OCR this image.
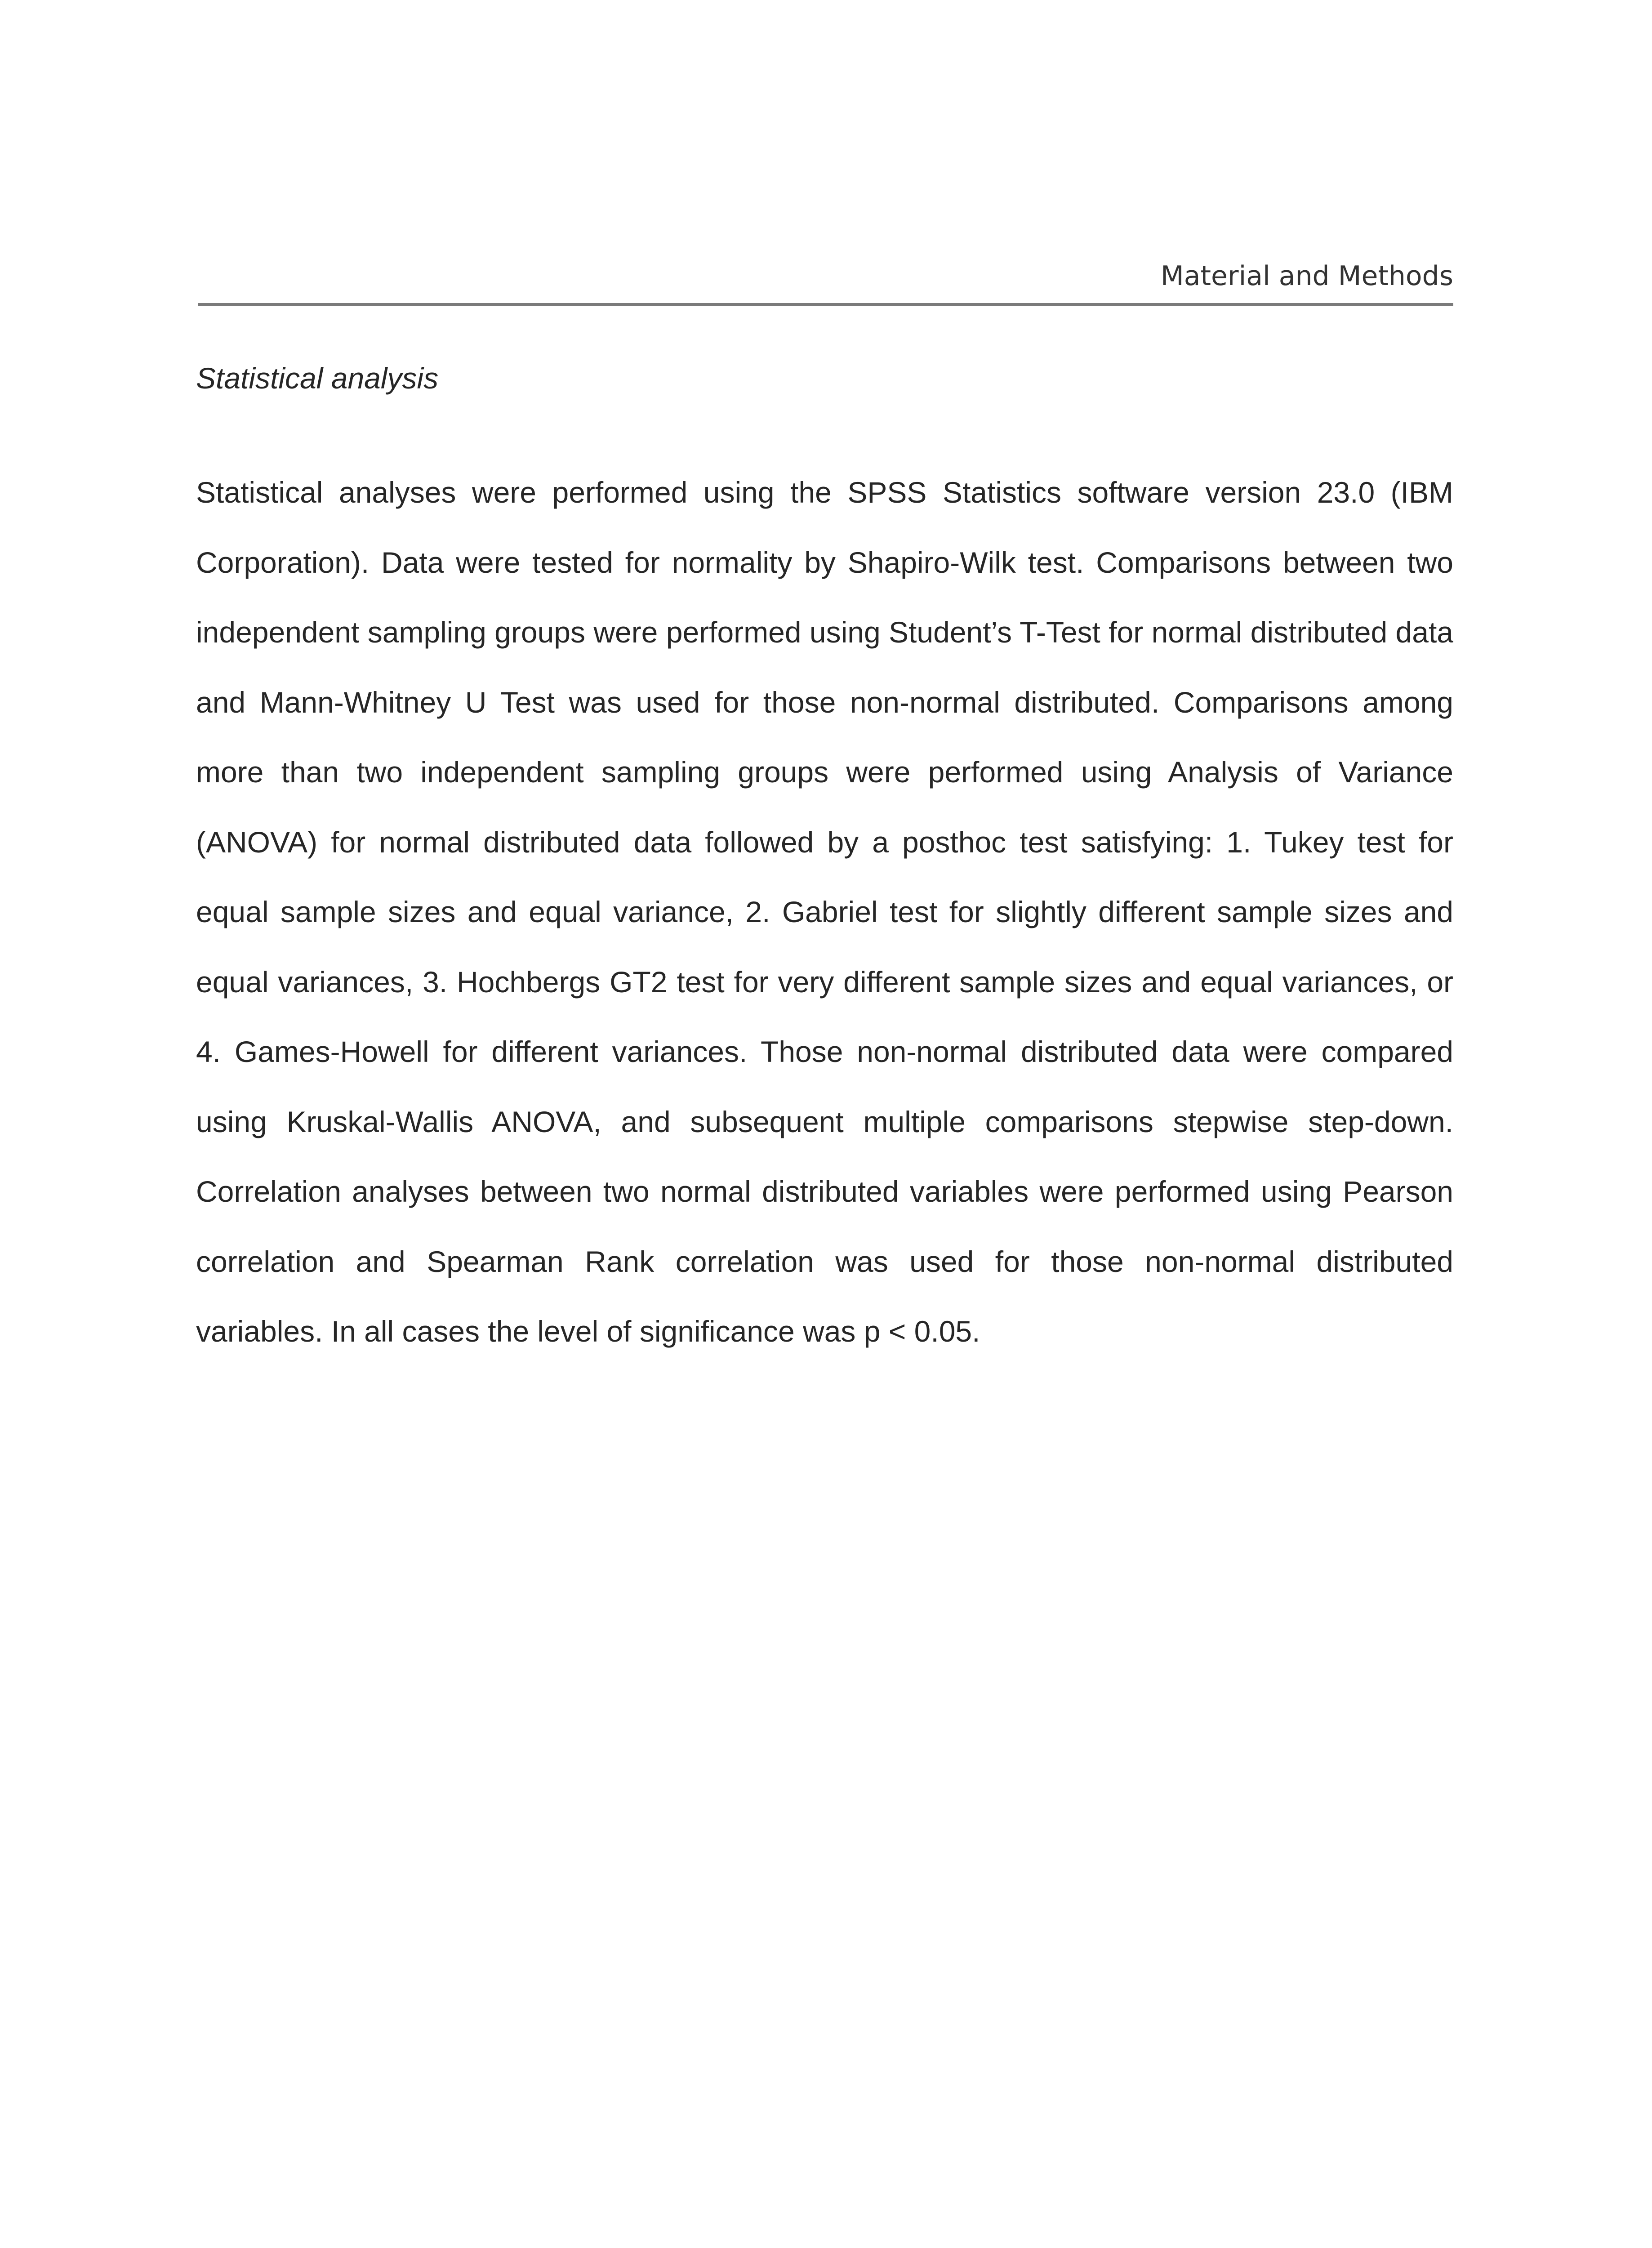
Material and Methods
Statistical analysis

Statistical analyses were performed using the SPSS Statistics software version 23.0 (IBM Corporation). Data were tested for normality by Shapiro-Wilk test. Comparisons between two independent sampling groups were performed using Student’s T-Test for normal distributed data and Mann-Whitney U Test was used for those non-normal distributed. Comparisons among more than two independent sampling groups were performed using Analysis of Variance (ANOVA) for normal distributed data followed by a posthoc test satisfying: 1. Tukey test for equal sample sizes and equal variance, 2. Gabriel test for slightly different sample sizes and equal variances, 3. Hochbergs GT2 test for very different sample sizes and equal variances, or 4. Games-Howell for different variances. Those non-normal distributed data were compared using Kruskal-Wallis ANOVA, and subsequent multiple comparisons stepwise step-down. Correlation analyses between two normal distributed variables were performed using Pearson correlation and Spearman Rank correlation was used for those non-normal distributed variables. In all cases the level of significance was p < 0.05.
